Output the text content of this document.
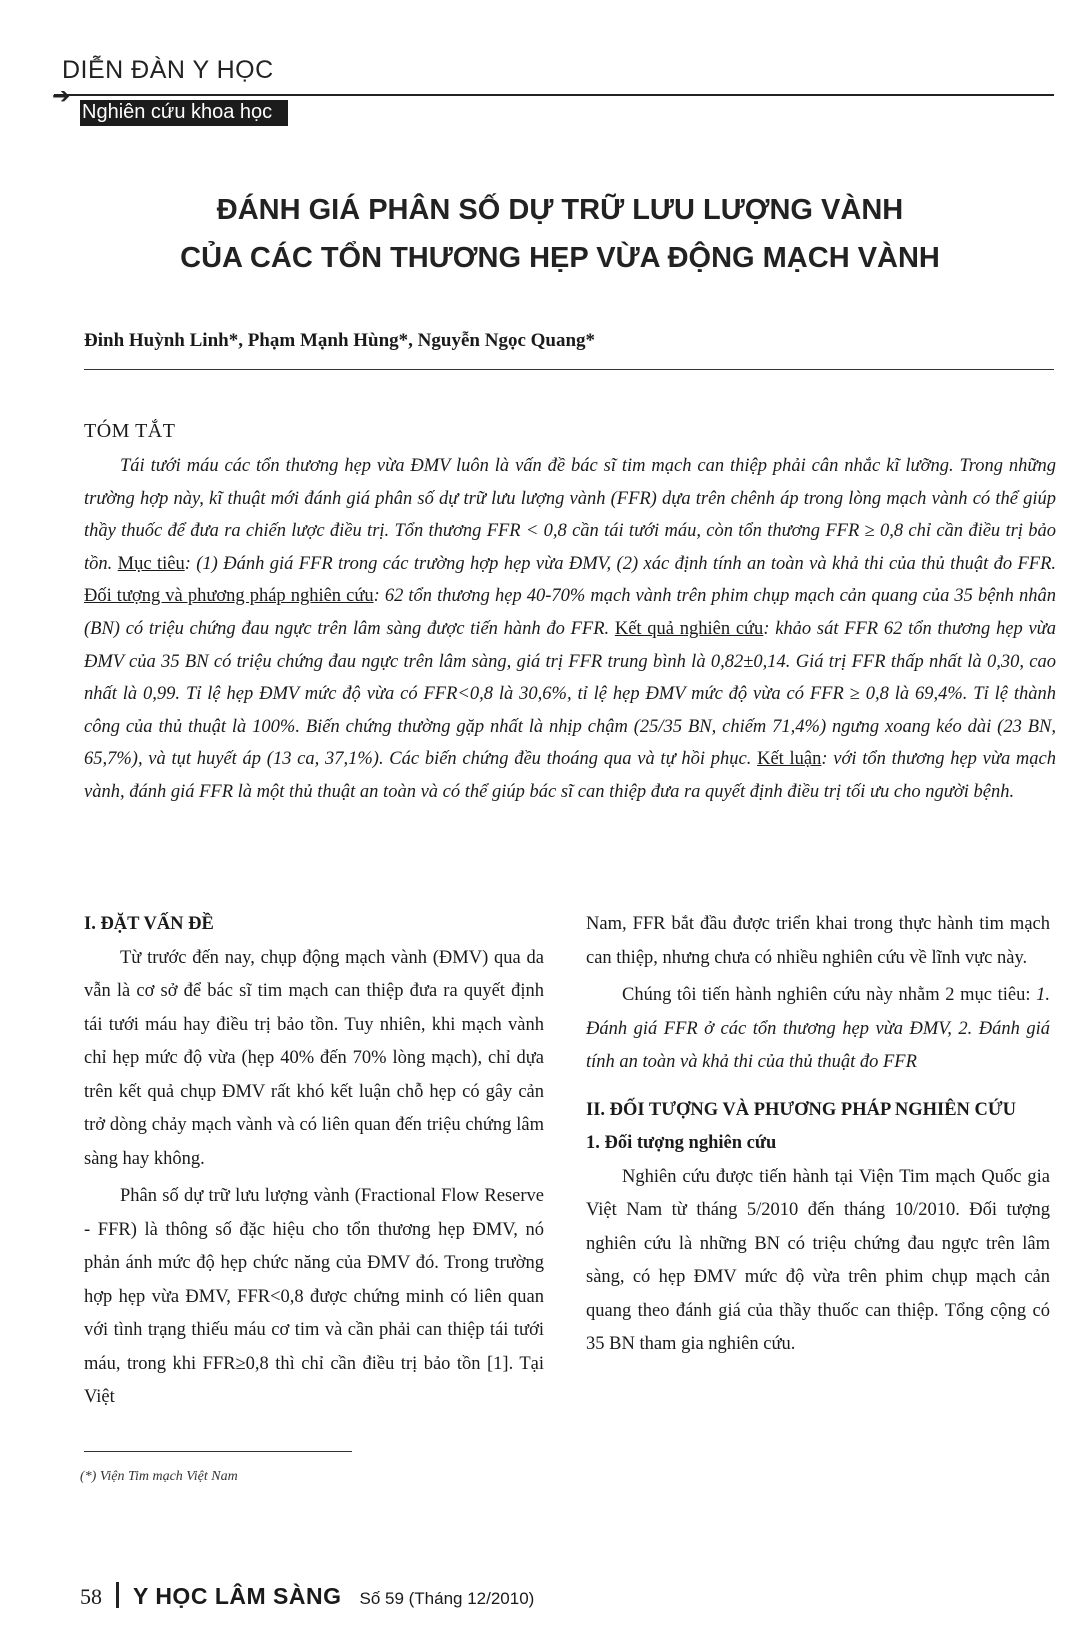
DIỄN ĐÀN Y HỌC
➔
Nghiên cứu khoa học
ĐÁNH GIÁ PHÂN SỐ DỰ TRỮ LƯU LƯỢNG VÀNH
CỦA CÁC TỔN THƯƠNG HẸP VỪA ĐỘNG MẠCH VÀNH
Đinh Huỳnh Linh*, Phạm Mạnh Hùng*, Nguyễn Ngọc Quang*
TÓM TẮT

Tái tưới máu các tổn thương hẹp vừa ĐMV luôn là vấn đề bác sĩ tim mạch can thiệp phải cân nhắc kĩ lưỡng. Trong những trường hợp này, kĩ thuật mới đánh giá phân số dự trữ lưu lượng vành (FFR) dựa trên chênh áp trong lòng mạch vành có thể giúp thầy thuốc để đưa ra chiến lược điều trị. Tổn thương FFR < 0,8 cần tái tưới máu, còn tổn thương FFR ≥ 0,8 chỉ cần điều trị bảo tồn. Mục tiêu: (1) Đánh giá FFR trong các trường hợp hẹp vừa ĐMV, (2) xác định tính an toàn và khả thi của thủ thuật đo FFR. Đối tượng và phương pháp nghiên cứu: 62 tổn thương hẹp 40-70% mạch vành trên phim chụp mạch cản quang của 35 bệnh nhân (BN) có triệu chứng đau ngực trên lâm sàng được tiến hành đo FFR. Kết quả nghiên cứu: khảo sát FFR 62 tổn thương hẹp vừa ĐMV của 35 BN có triệu chứng đau ngực trên lâm sàng, giá trị FFR trung bình là 0,82±0,14. Giá trị FFR thấp nhất là 0,30, cao nhất là 0,99. Tỉ lệ hẹp ĐMV mức độ vừa có FFR<0,8 là 30,6%, tỉ lệ hẹp ĐMV mức độ vừa có FFR ≥ 0,8 là 69,4%. Tỉ lệ thành công của thủ thuật là 100%. Biến chứng thường gặp nhất là nhịp chậm (25/35 BN, chiếm 71,4%) ngưng xoang kéo dài (23 BN, 65,7%), và tụt huyết áp (13 ca, 37,1%). Các biến chứng đều thoáng qua và tự hồi phục. Kết luận: với tổn thương hẹp vừa mạch vành, đánh giá FFR là một thủ thuật an toàn và có thể giúp bác sĩ can thiệp đưa ra quyết định điều trị tối ưu cho người bệnh.

I. ĐẶT VẤN ĐỀ

Từ trước đến nay, chụp động mạch vành (ĐMV) qua da vẫn là cơ sở để bác sĩ tim mạch can thiệp đưa ra quyết định tái tưới máu hay điều trị bảo tồn. Tuy nhiên, khi mạch vành chỉ hẹp mức độ vừa (hẹp 40% đến 70% lòng mạch), chỉ dựa trên kết quả chụp ĐMV rất khó kết luận chỗ hẹp có gây cản trở dòng chảy mạch vành và có liên quan đến triệu chứng lâm sàng hay không.

Phân số dự trữ lưu lượng vành (Fractional Flow Reserve - FFR) là thông số đặc hiệu cho tổn thương hẹp ĐMV, nó phản ánh mức độ hẹp chức năng của ĐMV đó. Trong trường hợp hẹp vừa ĐMV, FFR<0,8 được chứng minh có liên quan với tình trạng thiếu máu cơ tim và cần phải can thiệp tái tưới máu, trong khi FFR≥0,8 thì chỉ cần điều trị bảo tồn [1]. Tại Việt

Nam, FFR bắt đầu được triển khai trong thực hành tim mạch can thiệp, nhưng chưa có nhiều nghiên cứu về lĩnh vực này.

Chúng tôi tiến hành nghiên cứu này nhằm 2 mục tiêu: 1. Đánh giá FFR ở các tổn thương hẹp vừa ĐMV, 2. Đánh giá tính an toàn và khả thi của thủ thuật đo FFR

II. ĐỐI TƯỢNG VÀ PHƯƠNG PHÁP NGHIÊN CỨU

1. Đối tượng nghiên cứu

Nghiên cứu được tiến hành tại Viện Tim mạch Quốc gia Việt Nam từ tháng 5/2010 đến tháng 10/2010. Đối tượng nghiên cứu là những BN có triệu chứng đau ngực trên lâm sàng, có hẹp ĐMV mức độ vừa trên phim chụp mạch cản quang theo đánh giá của thầy thuốc can thiệp. Tổng cộng có 35 BN tham gia nghiên cứu.

(*) Viện Tim mạch Việt Nam
58 Y HỌC LÂM SÀNG Số 59 (Tháng 12/2010)
